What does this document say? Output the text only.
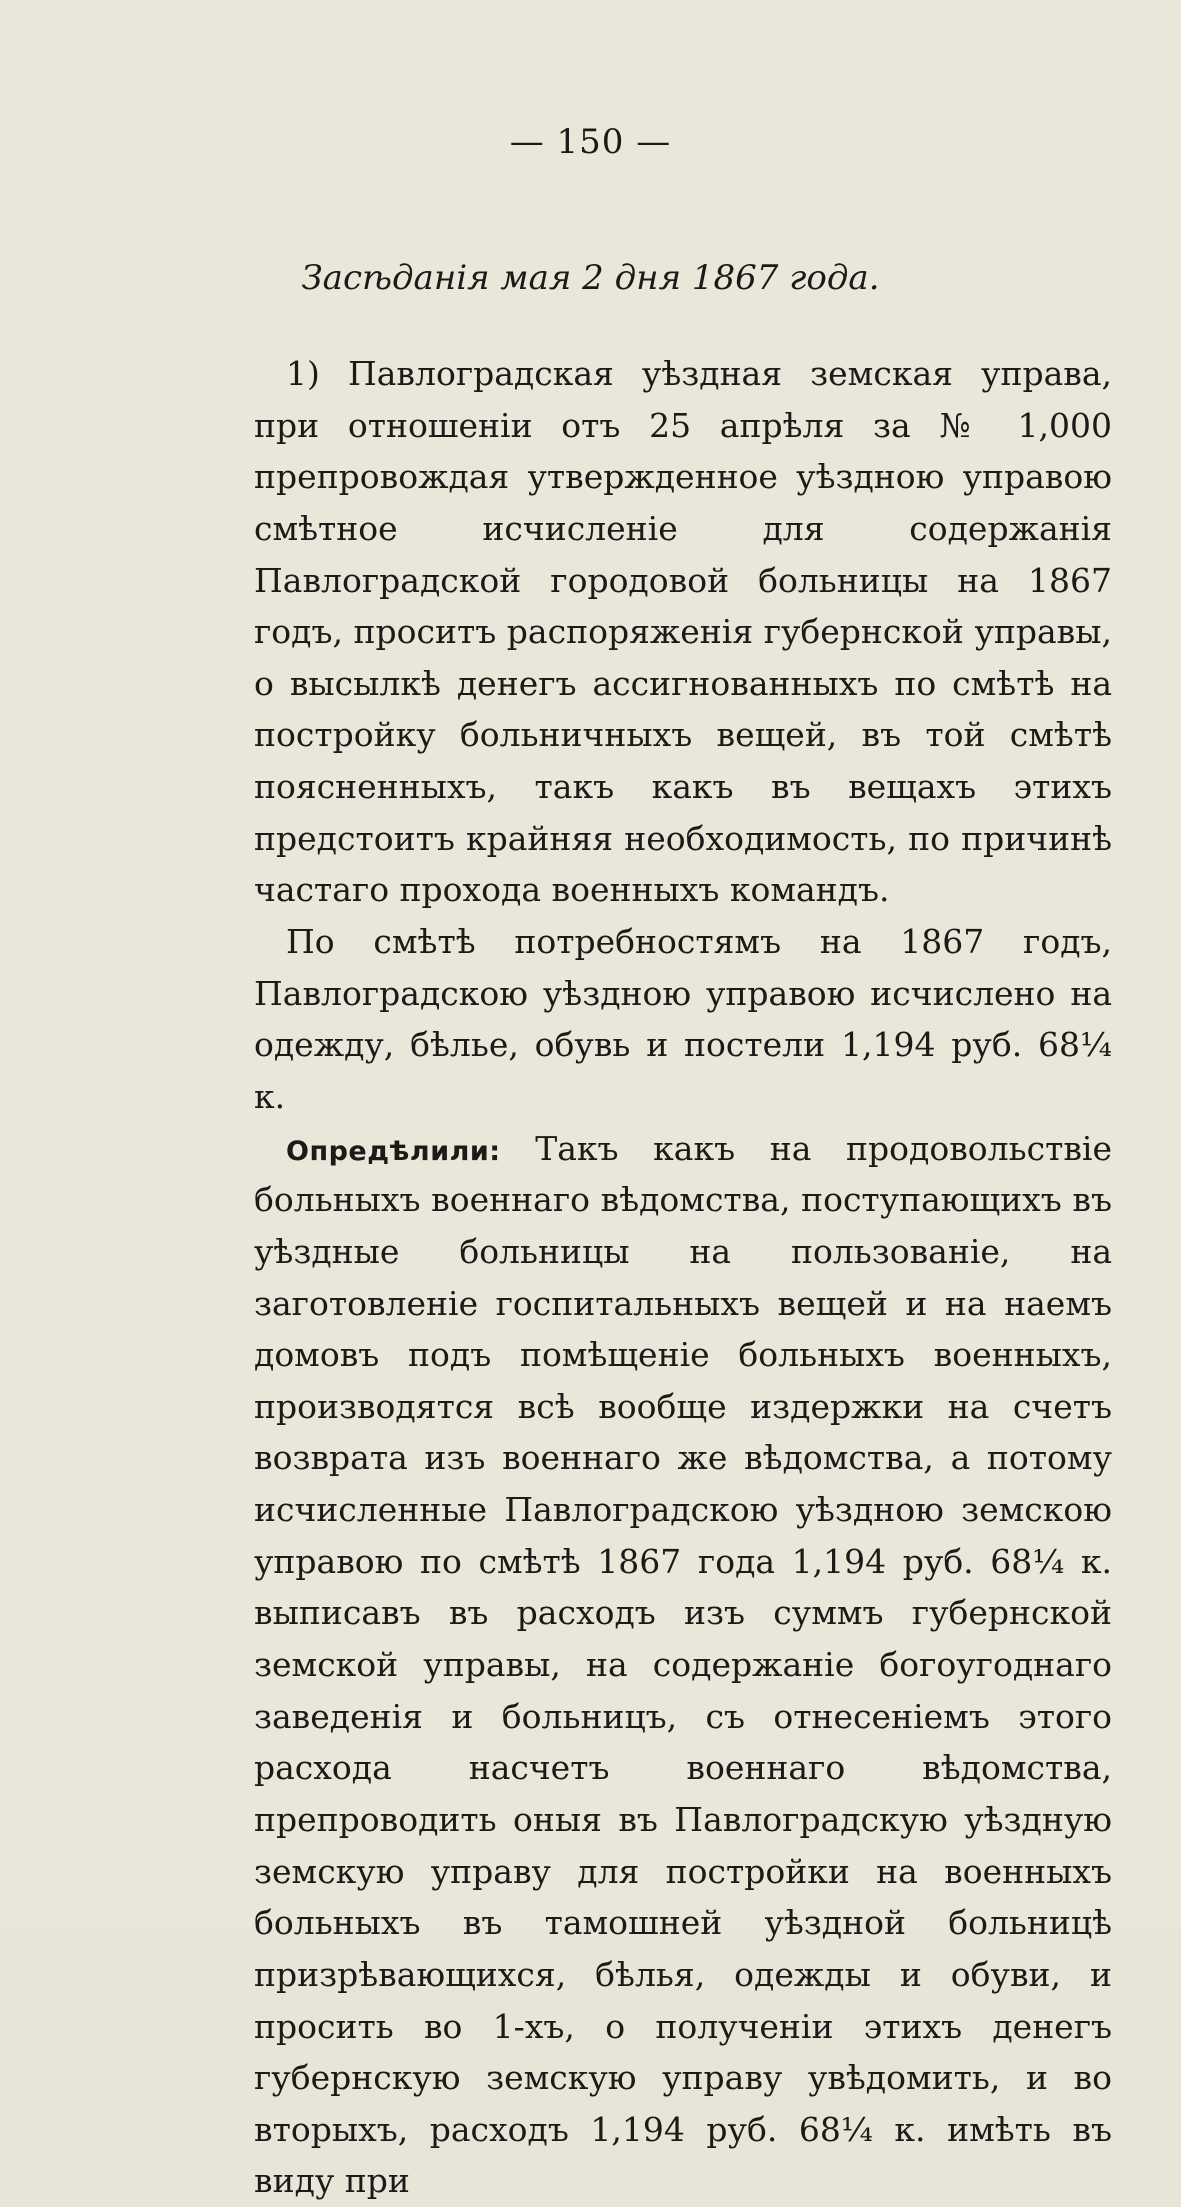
— 150 —
Засѣданія мая 2 дня 1867 года.

1) Павлоградская уѣздная земская управа, при отношеніи отъ 25 апрѣля за № 1,000 препровождая утвержденное уѣздною управою смѣтное исчисленіе для содержанія Павлоградской городовой больницы на 1867 годъ, проситъ распоряженія губернской управы, о высылкѣ денегъ ассигнованныхъ по смѣтѣ на постройку больничныхъ вещей, въ той смѣтѣ поясненныхъ, такъ какъ въ вещахъ этихъ предстоитъ крайняя необходимость, по причинѣ частаго прохода военныхъ командъ.

По смѣтѣ потребностямъ на 1867 годъ, Павлоградскою уѣздною управою исчислено на одежду, бѣлье, обувь и постели 1,194 руб. 68¼ к.

Опредѣлили: Такъ какъ на продовольствіе больныхъ военнаго вѣдомства, поступающихъ въ уѣздные больницы на пользованіе, на заготовленіе госпитальныхъ вещей и на наемъ домовъ подъ помѣщеніе больныхъ военныхъ, производятся всѣ вообще издержки на счетъ возврата изъ военнаго же вѣдомства, а потому исчисленные Павлоградскою уѣздною земскою управою по смѣтѣ 1867 года 1,194 руб. 68¼ к. выписавъ въ расходъ изъ суммъ губернской земской управы, на содержаніе богоугоднаго заведенія и больницъ, съ отнесеніемъ этого расхода насчетъ военнаго вѣдомства, препроводить оныя въ Павлоградскую уѣздную земскую управу для постройки на военныхъ больныхъ въ тамошней уѣздной больницѣ призрѣвающихся, бѣлья, одежды и обуви, и просить во 1-хъ, о полученіи этихъ денегъ губернскую земскую управу увѣдомить, и во вторыхъ, расходъ 1,194 руб. 68¼ к. имѣть въ виду при
